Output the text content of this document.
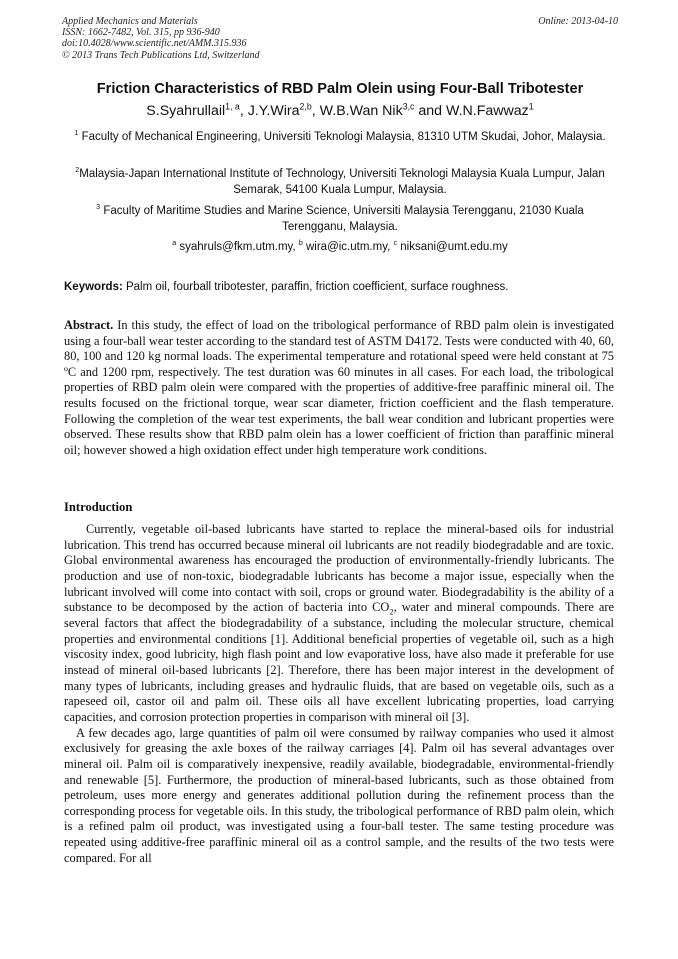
Applied Mechanics and Materials
ISSN: 1662-7482, Vol. 315, pp 936-940
doi:10.4028/www.scientific.net/AMM.315.936
© 2013 Trans Tech Publications Ltd, Switzerland
Online: 2013-04-10
Friction Characteristics of RBD Palm Olein using Four-Ball Tribotester
S.Syahrullail$^{1, a}$, J.Y.Wira$^{2,b}$, W.B.Wan Nik$^{3,c}$ and W.N.Fawwaz$^1$
$^1$ Faculty of Mechanical Engineering, Universiti Teknologi Malaysia, 81310 UTM Skudai, Johor, Malaysia.
$^2$Malaysia-Japan International Institute of Technology, Universiti Teknologi Malaysia Kuala Lumpur, Jalan Semarak, 54100 Kuala Lumpur, Malaysia.
$^3$ Faculty of Maritime Studies and Marine Science, Universiti Malaysia Terengganu, 21030 Kuala Terengganu, Malaysia.
$^a$ syahruls@fkm.utm.my, $^b$ wira@ic.utm.my, $^c$ niksani@umt.edu.my
Keywords: Palm oil, fourball tribotester, paraffin, friction coefficient, surface roughness.
Abstract. In this study, the effect of load on the tribological performance of RBD palm olein is investigated using a four-ball wear tester according to the standard test of ASTM D4172. Tests were conducted with 40, 60, 80, 100 and 120 kg normal loads. The experimental temperature and rotational speed were held constant at 75 ºC and 1200 rpm, respectively. The test duration was 60 minutes in all cases. For each load, the tribological properties of RBD palm olein were compared with the properties of additive-free paraffinic mineral oil. The results focused on the frictional torque, wear scar diameter, friction coefficient and the flash temperature. Following the completion of the wear test experiments, the ball wear condition and lubricant properties were observed. These results show that RBD palm olein has a lower coefficient of friction than paraffinic mineral oil; however showed a high oxidation effect under high temperature work conditions.
Introduction

Currently, vegetable oil-based lubricants have started to replace the mineral-based oils for industrial lubrication. This trend has occurred because mineral oil lubricants are not readily biodegradable and are toxic. Global environmental awareness has encouraged the production of environmentally-friendly lubricants. The production and use of non-toxic, biodegradable lubricants has become a major issue, especially when the lubricant involved will come into contact with soil, crops or ground water. Biodegradability is the ability of a substance to be decomposed by the action of bacteria into $CO_2$, water and mineral compounds. There are several factors that affect the biodegradability of a substance, including the molecular structure, chemical properties and environmental conditions [1]. Additional beneficial properties of vegetable oil, such as a high viscosity index, good lubricity, high flash point and low evaporative loss, have also made it preferable for use instead of mineral oil-based lubricants [2]. Therefore, there has been major interest in the development of many types of lubricants, including greases and hydraulic fluids, that are based on vegetable oils, such as a rapeseed oil, castor oil and palm oil. These oils all have excellent lubricating properties, load carrying capacities, and corrosion protection properties in comparison with mineral oil [3].

A few decades ago, large quantities of palm oil were consumed by railway companies who used it almost exclusively for greasing the axle boxes of the railway carriages [4]. Palm oil has several advantages over mineral oil. Palm oil is comparatively inexpensive, readily available, biodegradable, environmental-friendly and renewable [5]. Furthermore, the production of mineral-based lubricants, such as those obtained from petroleum, uses more energy and generates additional pollution during the refinement process than the corresponding process for vegetable oils. In this study, the tribological performance of RBD palm olein, which is a refined palm oil product, was investigated using a four-ball tester. The same testing procedure was repeated using additive-free paraffinic mineral oil as a control sample, and the results of the two tests were compared. For all
